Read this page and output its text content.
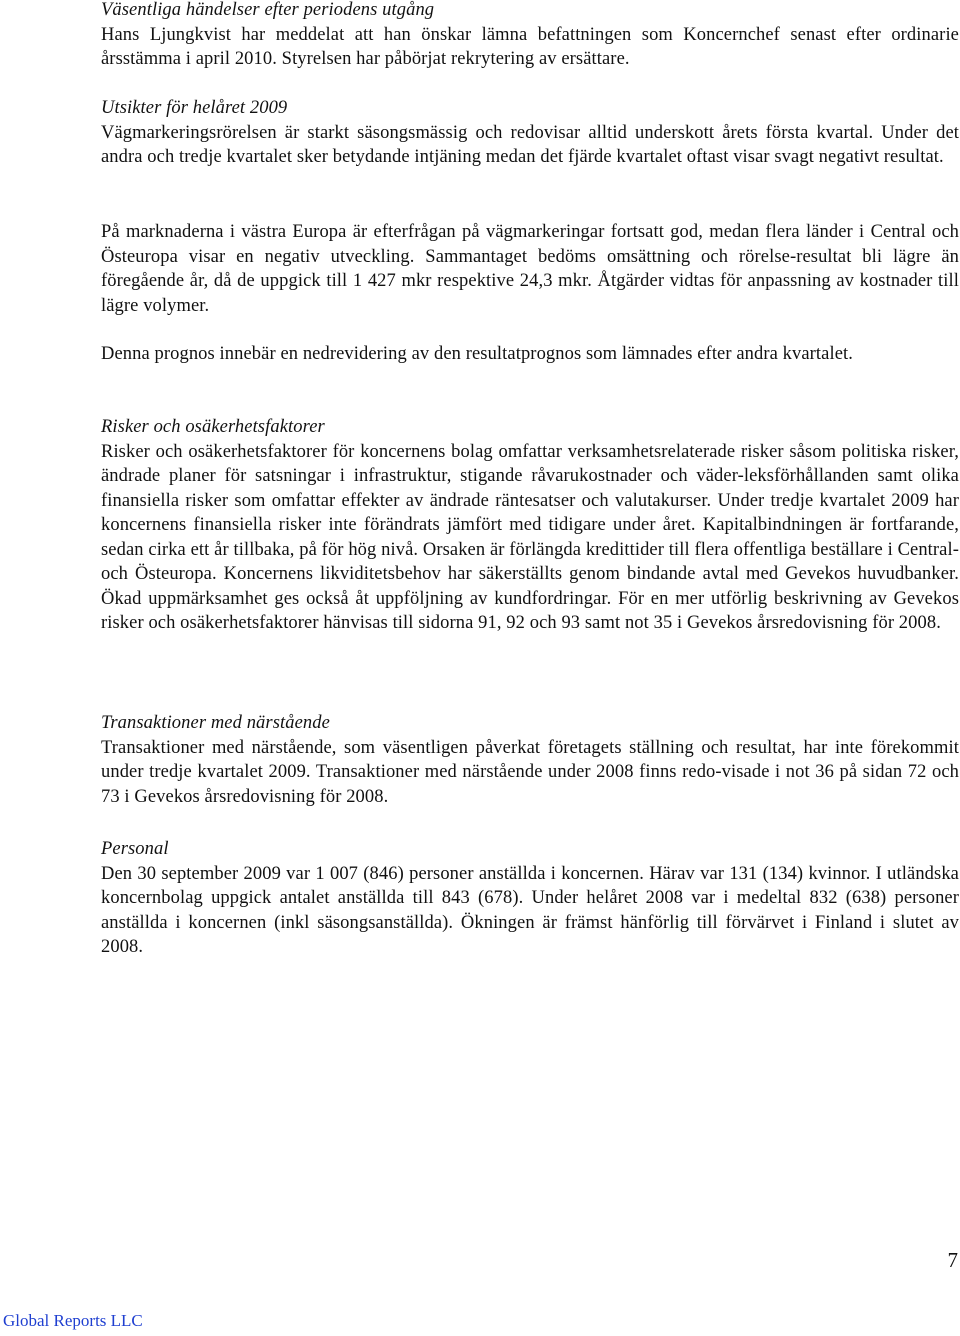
Väsentliga händelser efter periodens utgång

Hans Ljungkvist har meddelat att han önskar lämna befattningen som Koncernchef senast efter ordinarie årsstämma i april 2010. Styrelsen har påbörjat rekrytering av ersättare.

Utsikter för helåret 2009

Vägmarkeringsrörelsen är starkt säsongsmässig och redovisar alltid underskott årets första kvartal. Under det andra och tredje kvartalet sker betydande intjäning medan det fjärde kvartalet oftast visar svagt negativt resultat.

På marknaderna i västra Europa är efterfrågan på vägmarkeringar fortsatt god, medan flera länder i Central och Östeuropa visar en negativ utveckling. Sammantaget bedöms omsättning och rörelse-resultat bli lägre än föregående år, då de uppgick till 1 427 mkr respektive 24,3 mkr. Åtgärder vidtas för anpassning av kostnader till lägre volymer.

Denna prognos innebär en nedrevidering av den resultatprognos som lämnades efter andra kvartalet.

Risker och osäkerhetsfaktorer

Risker och osäkerhetsfaktorer för koncernens bolag omfattar verksamhetsrelaterade risker såsom politiska risker, ändrade planer för satsningar i infrastruktur, stigande råvarukostnader och väder-leksförhållanden samt olika finansiella risker som omfattar effekter av ändrade räntesatser och valutakurser. Under tredje kvartalet 2009 har koncernens finansiella risker inte förändrats jämfört med tidigare under året. Kapitalbindningen är fortfarande, sedan cirka ett år tillbaka, på för hög nivå. Orsaken är förlängda kredittider till flera offentliga beställare i Central- och Östeuropa. Koncernens likviditetsbehov har säkerställts genom bindande avtal med Gevekos huvudbanker. Ökad uppmärksamhet ges också åt uppföljning av kundfordringar. För en mer utförlig beskrivning av Gevekos risker och osäkerhetsfaktorer hänvisas till sidorna 91, 92 och 93 samt not 35 i Gevekos årsredovisning för 2008.

Transaktioner med närstående

Transaktioner med närstående, som väsentligen påverkat företagets ställning och resultat, har inte förekommit under tredje kvartalet 2009. Transaktioner med närstående under 2008 finns redo-visade i not 36 på sidan 72 och 73 i Gevekos årsredovisning för 2008.

Personal

Den 30 september 2009 var 1 007 (846) personer anställda i koncernen. Härav var 131 (134) kvinnor. I utländska koncernbolag uppgick antalet anställda till 843 (678). Under helåret 2008 var i medeltal 832 (638) personer anställda i koncernen (inkl säsongsanställda). Ökningen är främst hänförlig till förvärvet i Finland i slutet av 2008.

7
Global Reports LLC
